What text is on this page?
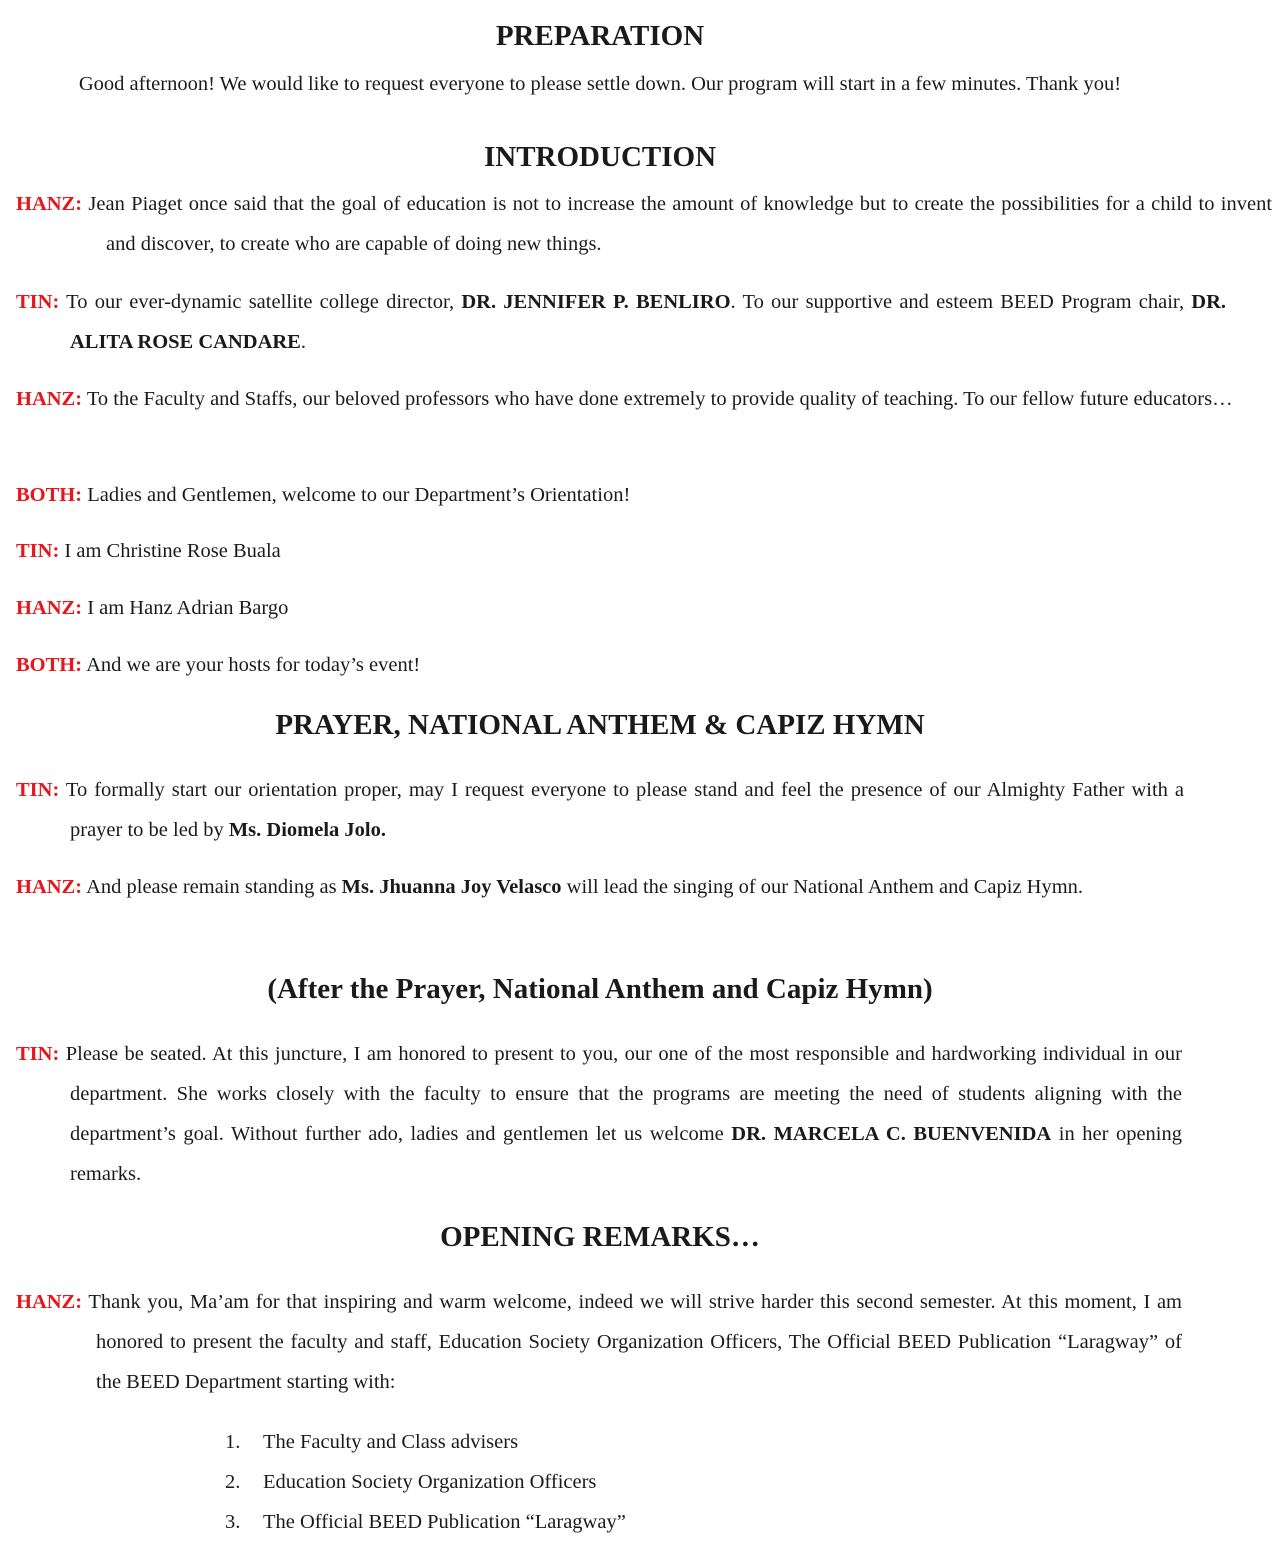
PREPARATION

Good afternoon! We would like to request everyone to please settle down. Our program will start in a few minutes. Thank you!

INTRODUCTION

HANZ: Jean Piaget once said that the goal of education is not to increase the amount of knowledge but to create the possibilities for a child to invent and discover, to create who are capable of doing new things.

TIN: To our ever-dynamic satellite college director, DR. JENNIFER P. BENLIRO. To our supportive and esteem BEED Program chair, DR. ALITA ROSE CANDARE.

HANZ: To the Faculty and Staffs, our beloved professors who have done extremely to provide quality of teaching. To our fellow future educators…

BOTH: Ladies and Gentlemen, welcome to our Department’s Orientation!

TIN: I am Christine Rose Buala

HANZ: I am Hanz Adrian Bargo

BOTH: And we are your hosts for today’s event!

PRAYER, NATIONAL ANTHEM & CAPIZ HYMN

TIN: To formally start our orientation proper, may I request everyone to please stand and feel the presence of our Almighty Father with a prayer to be led by Ms. Diomela Jolo.

HANZ: And please remain standing as Ms. Jhuanna Joy Velasco will lead the singing of our National Anthem and Capiz Hymn.

(After the Prayer, National Anthem and Capiz Hymn)

TIN: Please be seated. At this juncture, I am honored to present to you, our one of the most responsible and hardworking individual in our department. She works closely with the faculty to ensure that the programs are meeting the need of students aligning with the department’s goal. Without further ado, ladies and gentlemen let us welcome DR. MARCELA C. BUENVENIDA in her opening remarks.

OPENING REMARKS…

HANZ: Thank you, Ma’am for that inspiring and warm welcome, indeed we will strive harder this second semester. At this moment, I am honored to present the faculty and staff, Education Society Organization Officers, The Official BEED Publication “Laragway” of the BEED Department starting with:

1.	The Faculty and Class advisers
2.	Education Society Organization Officers
3.	The Official BEED Publication “Laragway”
